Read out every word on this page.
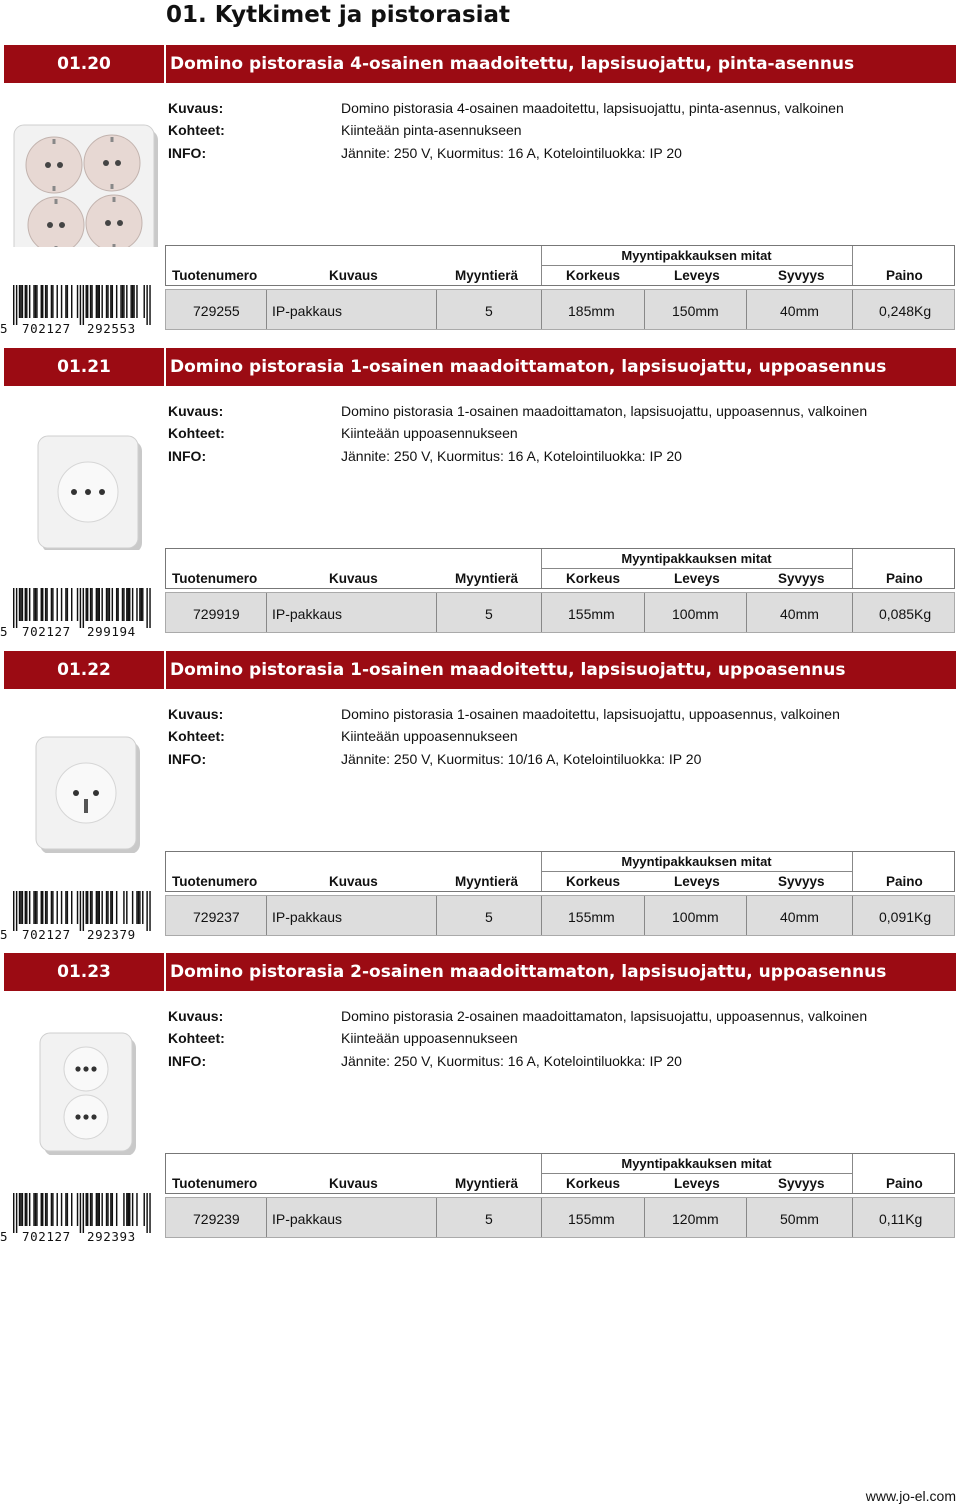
01. Kytkimet ja pistorasiat
01.20	Domino pistorasia 4-osainen maadoitettu, lapsisuojattu, pinta-asennus
Kuvaus:	Domino pistorasia 4-osainen maadoitettu, lapsisuojattu, pinta-asennus, valkoinen
Kohteet:	Kiinteään pinta-asennukseen
INFO:	Jännite: 250 V, Kuormitus: 16 A, Kotelointiluokka: IP 20
Myyntipakkauksen mitat
Tuotenumero	Kuvaus	Myyntierä	Korkeus	Leveys	Syvyys	Paino
729255 IP-pakkaus	5	185mm	150mm	40mm	0,248Kg
5 702127 292553
01.21	Domino pistorasia 1-osainen maadoittamaton, lapsisuojattu, uppoasennus
Kuvaus:	Domino pistorasia 1-osainen maadoittamaton, lapsisuojattu, uppoasennus, valkoinen
Kohteet:	Kiinteään uppoasennukseen
INFO:	Jännite: 250 V, Kuormitus: 16 A, Kotelointiluokka: IP 20
Myyntipakkauksen mitat
Tuotenumero	Kuvaus	Myyntierä	Korkeus	Leveys	Syvyys	Paino
729919 IP-pakkaus	5	155mm	100mm	40mm	0,085Kg
5 702127 299194
01.22	Domino pistorasia 1-osainen maadoitettu, lapsisuojattu, uppoasennus
Kuvaus:	Domino pistorasia 1-osainen maadoitettu, lapsisuojattu, uppoasennus, valkoinen
Kohteet:	Kiinteään uppoasennukseen
INFO:	Jännite: 250 V, Kuormitus: 10/16 A, Kotelointiluokka: IP 20
Myyntipakkauksen mitat
Tuotenumero	Kuvaus	Myyntierä	Korkeus	Leveys	Syvyys	Paino
729237 IP-pakkaus	5	155mm	100mm	40mm	0,091Kg
5 702127 292379
01.23	Domino pistorasia 2-osainen maadoittamaton, lapsisuojattu, uppoasennus
Kuvaus:	Domino pistorasia 2-osainen maadoittamaton, lapsisuojattu, uppoasennus, valkoinen
Kohteet:	Kiinteään uppoasennukseen
INFO:	Jännite: 250 V, Kuormitus: 16 A, Kotelointiluokka: IP 20
Myyntipakkauksen mitat
Tuotenumero	Kuvaus	Myyntierä	Korkeus	Leveys	Syvyys	Paino
729239 IP-pakkaus	5	155mm	120mm	50mm	0,11Kg
5 702127 292393
www.jo-el.com
